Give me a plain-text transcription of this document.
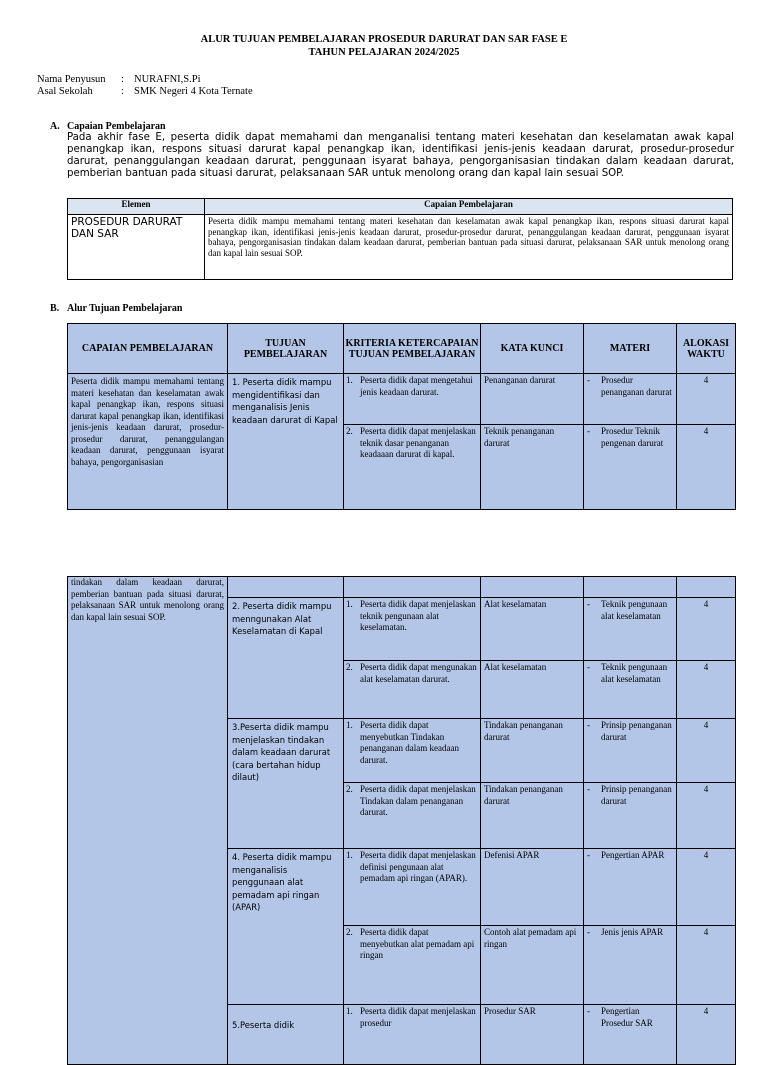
ALUR TUJUAN PEMBELAJARAN PROSEDUR DARURAT DAN SAR FASE E
TAHUN PELAJARAN 2024/2025
Nama Penyusun : NURAFNI,S.Pi
Asal Sekolah	: SMK Negeri 4 Kota Ternate
A. Capaian Pembelajaran
Pada akhir fase E, peserta didik dapat memahami dan menganalisi tentang materi kesehatan dan keselamatan awak kapal penangkap ikan, respons situasi darurat kapal penangkap ikan, identifikasi jenis-jenis keadaan darurat, prosedur-prosedur darurat, penanggulangan keadaan darurat, penggunaan isyarat bahaya, pengorganisasian tindakan dalam keadaan darurat, pemberian bantuan pada situasi darurat, pelaksanaan SAR untuk menolong orang dan kapal lain sesuai SOP.
Elemen	Capaian Pembelajaran
PROSEDUR DARURAT DAN SAR	Peserta didik mampu memahami tentang materi kesehatan dan keselamatan awak kapal penangkap ikan, respons situasi darurat kapal penangkap ikan, identifikasi jenis-jenis keadaan darurat, prosedur-prosedur darurat, penanggulangan keadaan darurat, penggunaan isyarat bahaya, pengorganisasian tindakan dalam keadaan darurat, pemberian bantuan pada situasi darurat, pelaksanaan SAR untuk menolong orang dan kapal lain sesuai SOP.
B. Alur Tujuan Pembelajaran
CAPAIAN PEMBELAJARAN	TUJUAN PEMBELAJARAN	KRITERIA KETERCAPAIAN TUJUAN PEMBELAJARAN	KATA KUNCI	MATERI	ALOKASI WAKTU
Peserta didik mampu memahami tentang materi kesehatan dan keselamatan awak kapal penangkap ikan, respons situasi darurat kapal penangkap ikan, identifikasi jenis-jenis keadaan darurat, prosedur-prosedur darurat, penanggulangan keadaan darurat, penggunaan isyarat bahaya, pengorganisasian	1. Peserta didik mampu mengidentifikasi dan menganalisis Jenis keadaan darurat di Kapal	1. Peserta didik dapat mengetahui jenis keadaan darurat.	Penanganan darurat	- Prosedur penanganan darurat	4

		2. Peserta didik dapat menjelaskan teknik dasar penanganan keadaaan darurat di kapal.	Teknik penanganan darurat	- Prosedur Teknik pengenan darurat	4
tindakan dalam keadaan darurat, pemberian bantuan pada situasi darurat, pelaksanaan SAR untuk menolong orang dan kapal lain sesuai SOP.					
	2. Peserta didik mampu menngunakan Alat Keselamatan di Kapal	1. Peserta didik dapat menjelaskan teknik pengunaan alat keselamatan.	Alat keselamatan	- Teknik pengunaan alat keselamatan	4

		2. Peserta didik dapat mengunakan alat keselamatan darurat.	Alat keselamatan	- Teknik pengunaan alat keselamatan	4
	3.Peserta didik mampu menjelaskan tindakan dalam keadaan darurat (cara bertahan hidup dilaut)	1. Peserta didik dapat menyebutkan Tindakan penanganan dalam keadaan darurat.	Tindakan penanganan darurat	- Prinsip penanganan darurat	4

		2. Peserta didik dapat menjelaskan Tindakan dalam penanganan darurat.	Tindakan penanganan darurat	- Prinsip penanganan darurat	4
	4. Peserta didik mampu menganalisis penggunaan alat pemadam api ringan (APAR)	1. Peserta didik dapat menjelaskan definisi pengunaan alat pemadam api ringan (APAR).	Defenisi APAR	- Pengertian APAR	4

		2. Peserta didik dapat menyebutkan alat pemadam api ringan	Contoh alat pemadam api ringan	- Jenis jenis APAR	4
	5.Peserta didik	1. Peserta didik dapat menjelaskan prosedur	Prosedur SAR	- Pengertian Prosedur SAR	4
